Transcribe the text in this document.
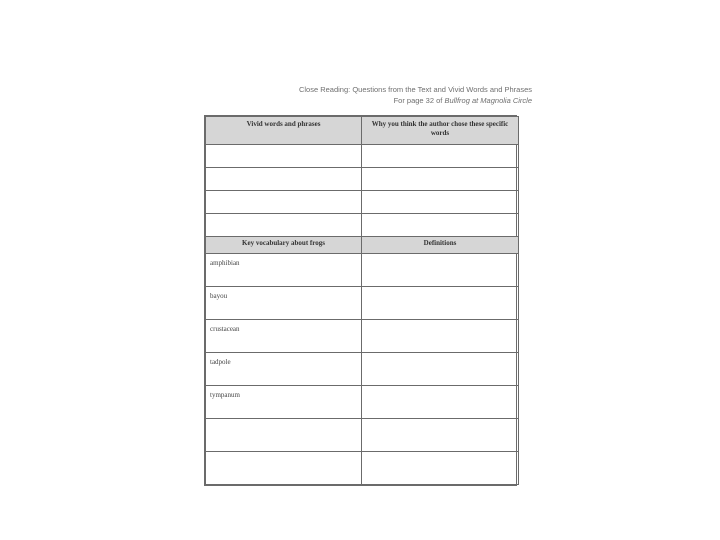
Close Reading: Questions from the Text and Vivid Words and Phrases
For page 32 of Bullfrog at Magnolia Circle
Vivid words and phrases	Why you think the author chose these specific words

Key vocabulary about frogs	Definitions
amphibian	
bayou	
crustacean	
tadpole	
tympanum	
